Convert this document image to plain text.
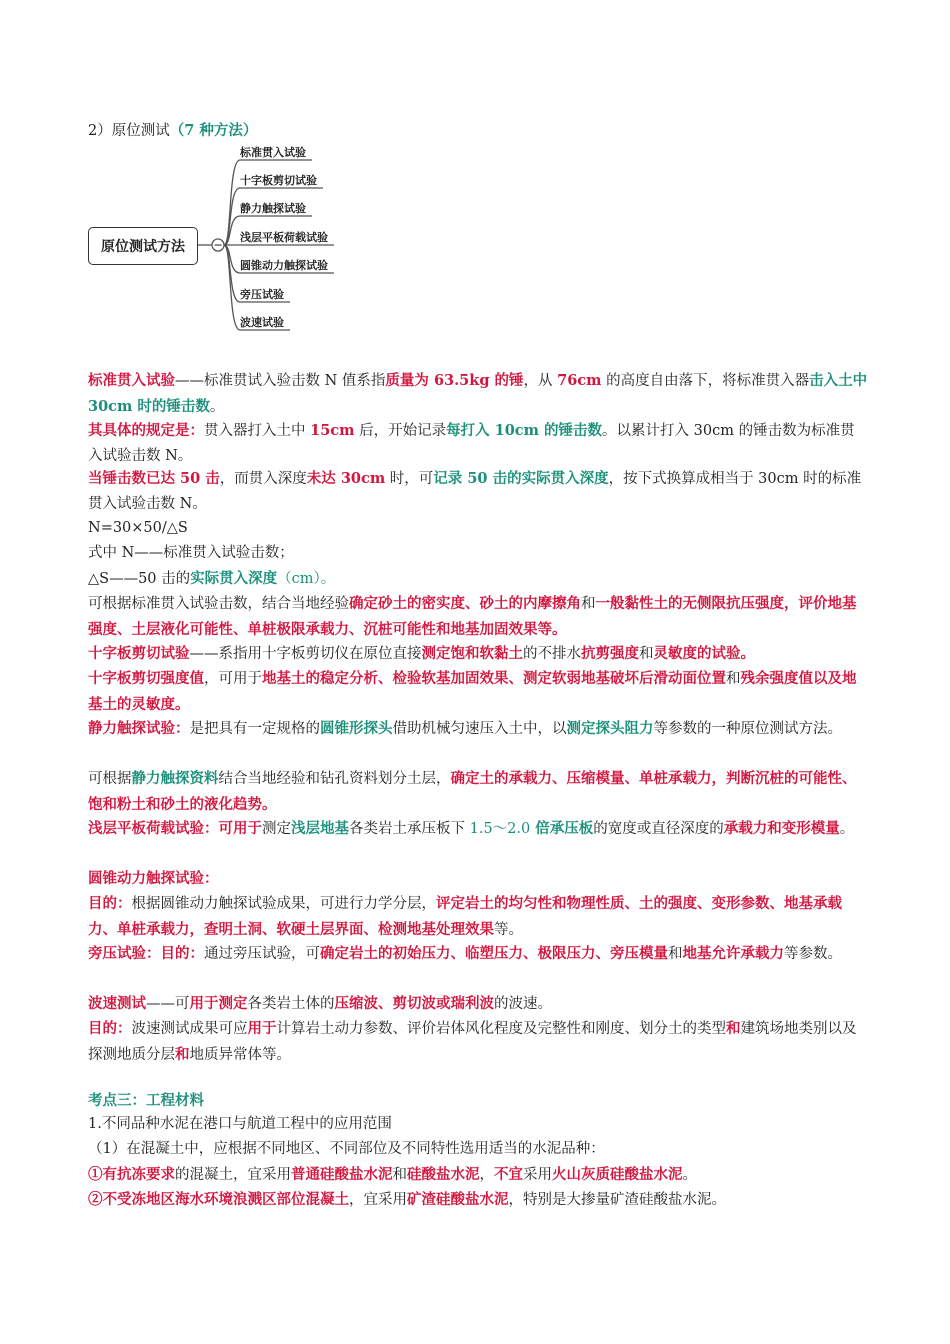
2）原位测试（7 种方法）
原位测试方法
标准贯入试验
十字板剪切试验
静力触探试验
浅层平板荷载试验
圆锥动力触探试验
旁压试验
波速试验
标准贯入试验——标准贯试入验击数 N 值系指质量为 63.5kg 的锤，从 76cm 的高度自由落下，将标准贯入器击入土中 30cm 时的锤击数。
其具体的规定是：贯入器打入土中 15cm 后，开始记录每打入 10cm 的锤击数。以累计打入 30cm 的锤击数为标准贯入试验击数 N。
当锤击数已达 50 击，而贯入深度未达 30cm 时，可记录 50 击的实际贯入深度，按下式换算成相当于 30cm 时的标准贯入试验击数 N。
N=30×50/△S
式中 N——标准贯入试验击数；
△S——50 击的实际贯入深度（cm）。
可根据标准贯入试验击数，结合当地经验确定砂土的密实度、砂土的内摩擦角和一般黏性土的无侧限抗压强度，评价地基强度、土层液化可能性、单桩极限承载力、沉桩可能性和地基加固效果等。
十字板剪切试验——系指用十字板剪切仪在原位直接测定饱和软黏土的不排水抗剪强度和灵敏度的试验。
十字板剪切强度值，可用于地基土的稳定分析、检验软基加固效果、测定软弱地基破坏后滑动面位置和残余强度值以及地基土的灵敏度。
静力触探试验：是把具有一定规格的圆锥形探头借助机械匀速压入土中，以测定探头阻力等参数的一种原位测试方法。
可根据静力触探资料结合当地经验和钻孔资料划分土层，确定土的承载力、压缩模量、单桩承载力，判断沉桩的可能性、饱和粉土和砂土的液化趋势。
浅层平板荷载试验：可用于测定浅层地基各类岩土承压板下 1.5～2.0 倍承压板的宽度或直径深度的承载力和变形模量。
圆锥动力触探试验：
目的：根据圆锥动力触探试验成果，可进行力学分层，评定岩土的均匀性和物理性质、土的强度、变形参数、地基承载力、单桩承载力，查明土洞、软硬土层界面、检测地基处理效果等。
旁压试验：目的：通过旁压试验，可确定岩土的初始压力、临塑压力、极限压力、旁压模量和地基允许承载力等参数。
波速测试——可用于测定各类岩土体的压缩波、剪切波或瑞利波的波速。
目的：波速测试成果可应用于计算岩土动力参数、评价岩体风化程度及完整性和刚度、划分土的类型和建筑场地类别以及探测地质分层和地质异常体等。
考点三：工程材料
1.不同品种水泥在港口与航道工程中的应用范围
（1）在混凝土中，应根据不同地区、不同部位及不同特性选用适当的水泥品种：
①有抗冻要求的混凝土，宜采用普通硅酸盐水泥和硅酸盐水泥，不宜采用火山灰质硅酸盐水泥。
②不受冻地区海水环境浪溅区部位混凝土，宜采用矿渣硅酸盐水泥，特别是大掺量矿渣硅酸盐水泥。
